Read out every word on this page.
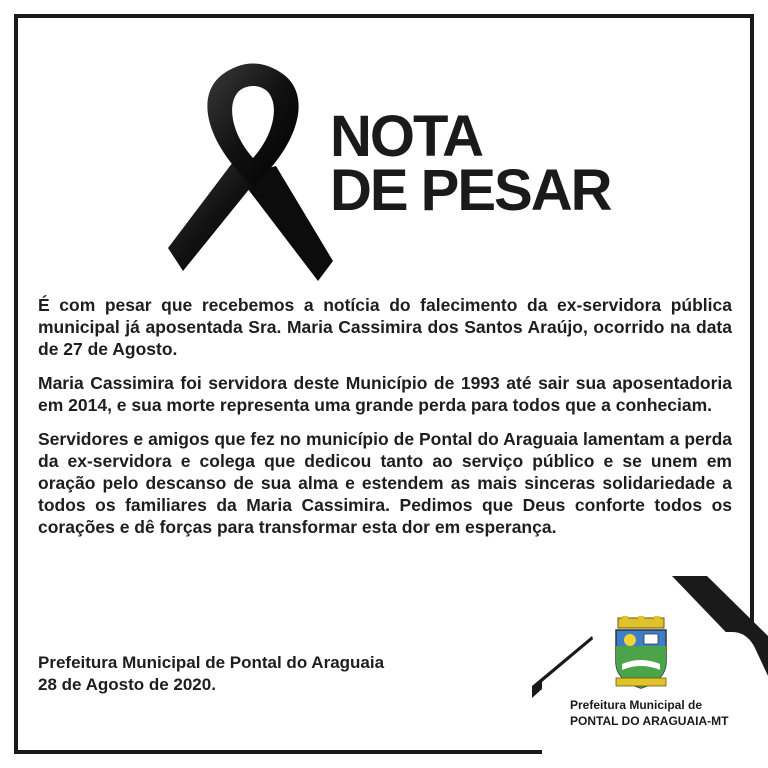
NOTA
DE PESAR

É com pesar que recebemos a notícia do falecimento da ex-servidora pública municipal já aposentada Sra. Maria Cassimira dos Santos Araújo, ocorrido na data de 27 de Agosto.

Maria Cassimira foi servidora deste Município de 1993 até sair sua aposentadoria em 2014, e sua morte representa uma grande perda para todos que a conheciam.

Servidores e amigos que fez no município de Pontal do Araguaia lamentam a perda da ex-servidora e colega que dedicou tanto ao serviço público e se unem em oração pelo descanso de sua alma e estendem as mais sinceras solidariedade a todos os familiares da Maria Cassimira. Pedimos que Deus conforte todos os corações e dê forças para transformar esta dor em esperança.

Prefeitura Municipal de Pontal do Araguaia
28 de Agosto de 2020.
Prefeitura Municipal de
PONTAL DO ARAGUAIA-MT
